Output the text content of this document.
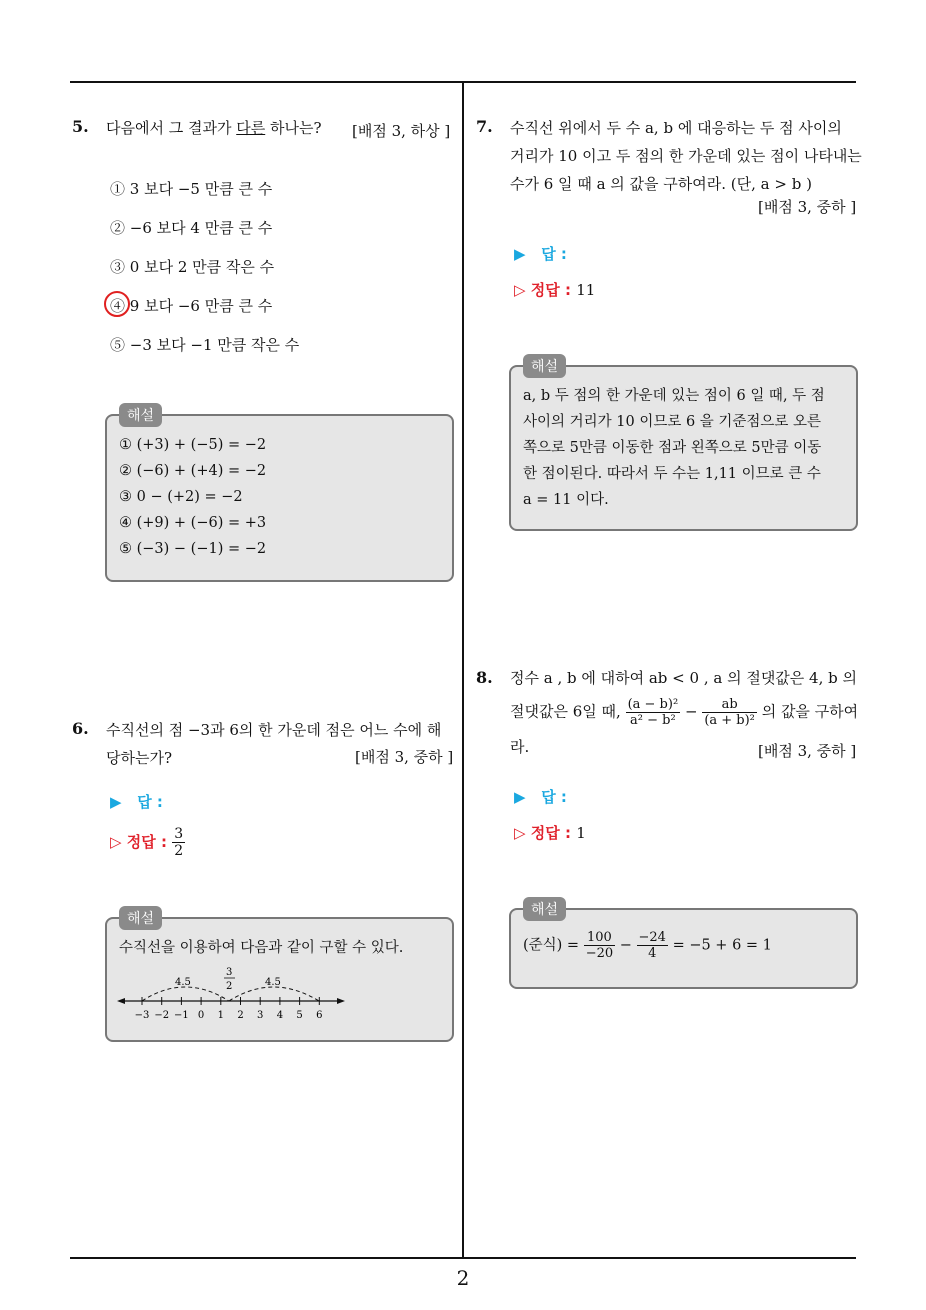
5. 다음에서 그 결과가 다른 하나는? [배점 3, 하상 ]
① 3 보다 −5 만큼 큰 수
② −6 보다 4 만큼 큰 수
③ 0 보다 2 만큼 작은 수
④ 9 보다 −6 만큼 큰 수
⑤ −3 보다 −1 만큼 작은 수
해설
① (+3) + (−5) = −2
② (−6) + (+4) = −2
③ 0 − (+2) = −2
④ (+9) + (−6) = +3
⑤ (−3) − (−1) = −2
6. 수직선의 점 −3과 6의 한 가운데 점은 어느 수에 해
당하는가?	[배점 3, 중하 ]
▶ 답 :
▷ 정답 : $\frac{3}{2}$
해설
수직선을 이용하여 다음과 같이 구할 수 있다.
−3 −2 −1 0 1 2 3 4 5 6
4.5	4.5
3
2
7. 수직선 위에서 두 수 a, b 에 대응하는 두 점 사이의
거리가 10 이고 두 점의 한 가운데 있는 점이 나타내는
수가 6 일 때 a 의 값을 구하여라. (단, a > b )
[배점 3, 중하 ]
▶ 답 :
▷ 정답 : 11
해설
a, b 두 점의 한 가운데 있는 점이 6 일 때, 두 점
사이의 거리가 10 이므로 6 을 기준점으로 오른
쪽으로 5만큼 이동한 점과 왼쪽으로 5만큼 이동
한 점이된다. 따라서 두 수는 1,11 이므로 큰 수
a = 11 이다.
8. 정수 a , b 에 대하여 ab < 0 , a 의 절댓값은 4, b 의
절댓값은 6일 때, $\frac{\text{(a − b)²}}{\text{a² − b²}} - \frac{ab}{\text{(a + b)²}}$ 의 값을 구하여
라.	[배점 3, 중하 ]
▶ 답 :
▷ 정답 : 1
해설
(준식) = $\frac{100}{-20} - \frac{-24}{4} = -5 + 6 = 1$
2
